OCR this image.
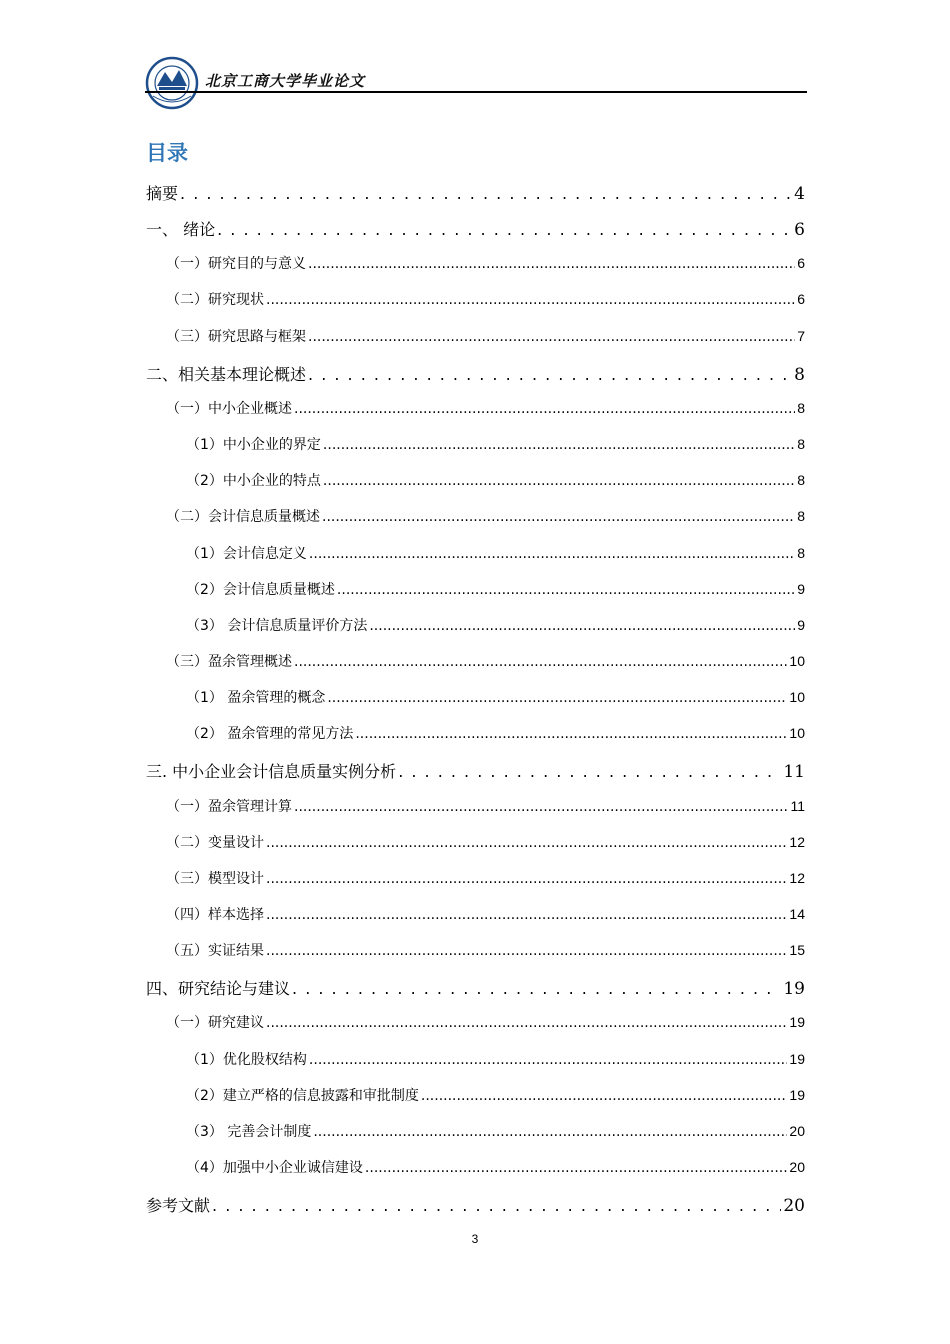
北京工商大学毕业论文
目录
摘要 . . .	4
一、 绪论 . . .	6
（一）研究目的与意义 .....	6
（二）研究现状 .....	6
（三）研究思路与框架 .....	7
二、相关基本理论概述 . . .	8
（一）中小企业概述 .....	8
（1）中小企业的界定 .....	8
（2）中小企业的特点 .....	8
（二）会计信息质量概述 .....	8
（1）会计信息定义 .....	8
（2）会计信息质量概述 .....	9
（3） 会计信息质量评价方法 .....	9
（三）盈余管理概述 .....	10
（1） 盈余管理的概念 .....	10
（2） 盈余管理的常见方法 .....	10
三. 中小企业会计信息质量实例分析 . . .	11
（一）盈余管理计算 .....	11
（二）变量设计 .....	12
（三）模型设计 .....	12
（四）样本选择 .....	14
（五）实证结果 .....	15
四、研究结论与建议 . . .	19
（一）研究建议 .....	19
（1）优化股权结构 .....	19
（2）建立严格的信息披露和审批制度 .....	19
（3） 完善会计制度 .....	20
（4）加强中小企业诚信建设 .....	20
参考文献 . . .	20
3
